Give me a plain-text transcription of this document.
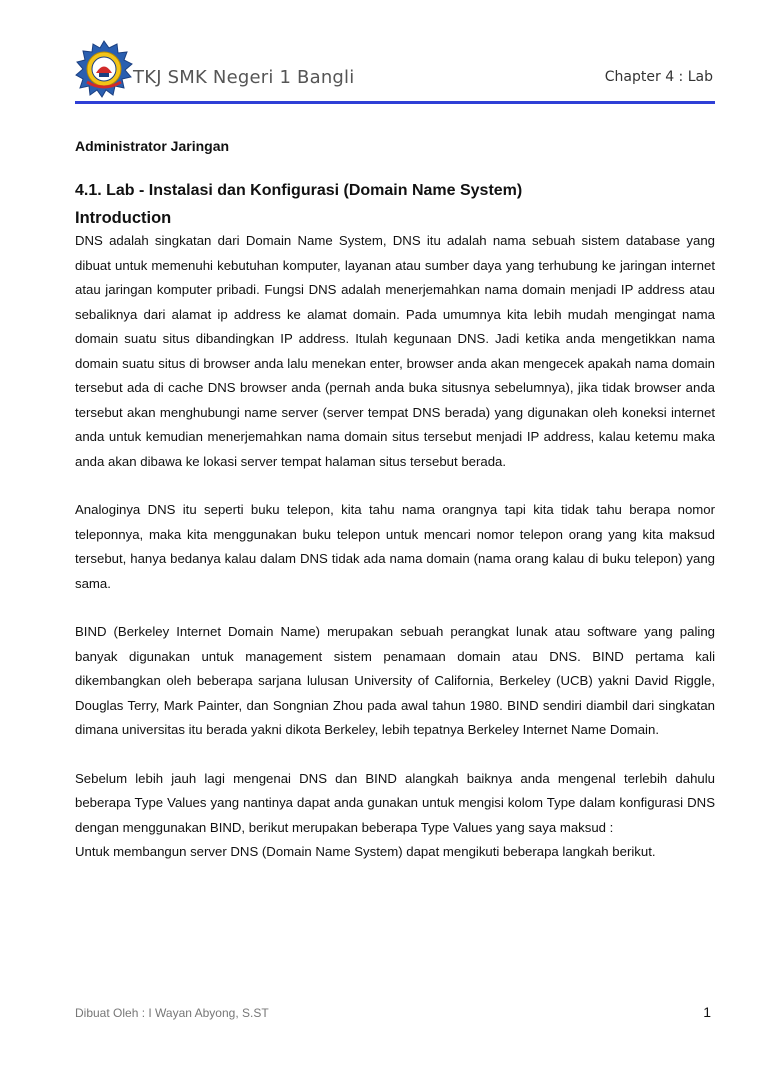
TKJ SMK Negeri 1 Bangli	Chapter 4 : Lab
Administrator Jaringan
4.1. Lab - Instalasi dan Konfigurasi (Domain Name System)
Introduction

DNS adalah singkatan dari Domain Name System, DNS itu adalah nama sebuah sistem database yang dibuat untuk memenuhi kebutuhan komputer, layanan atau sumber daya yang terhubung ke jaringan internet atau jaringan komputer pribadi. Fungsi DNS adalah menerjemahkan nama domain menjadi IP address atau sebaliknya dari alamat ip address ke alamat domain. Pada umumnya kita lebih mudah mengingat nama domain suatu situs dibandingkan IP address. Itulah kegunaan DNS. Jadi ketika anda mengetikkan nama domain suatu situs di browser anda lalu menekan enter, browser anda akan mengecek apakah nama domain tersebut ada di cache DNS browser anda (pernah anda buka situsnya sebelumnya), jika tidak browser anda tersebut akan menghubungi name server (server tempat DNS berada) yang digunakan oleh koneksi internet anda untuk kemudian menerjemahkan nama domain situs tersebut menjadi IP address, kalau ketemu maka anda akan dibawa ke lokasi server tempat halaman situs tersebut berada.

Analoginya DNS itu seperti buku telepon, kita tahu nama orangnya tapi kita tidak tahu berapa nomor teleponnya, maka kita menggunakan buku telepon untuk mencari nomor telepon orang yang kita maksud tersebut, hanya bedanya kalau dalam DNS tidak ada nama domain (nama orang kalau di buku telepon) yang sama.

BIND (Berkeley Internet Domain Name) merupakan sebuah perangkat lunak atau software yang paling banyak digunakan untuk management sistem penamaan domain atau DNS. BIND pertama kali dikembangkan oleh beberapa sarjana lulusan University of California, Berkeley (UCB) yakni David Riggle, Douglas Terry, Mark Painter, dan Songnian Zhou pada awal tahun 1980. BIND sendiri diambil dari singkatan dimana universitas itu berada yakni dikota Berkeley, lebih tepatnya Berkeley Internet Name Domain.

Sebelum lebih jauh lagi mengenai DNS dan BIND alangkah baiknya anda mengenal terlebih dahulu beberapa Type Values yang nantinya dapat anda gunakan untuk mengisi kolom Type dalam konfigurasi DNS dengan menggunakan BIND, berikut merupakan beberapa Type Values yang saya maksud :

Untuk membangun server DNS (Domain Name System) dapat mengikuti beberapa langkah berikut.

Dibuat Oleh : I Wayan Abyong, S.ST	1
